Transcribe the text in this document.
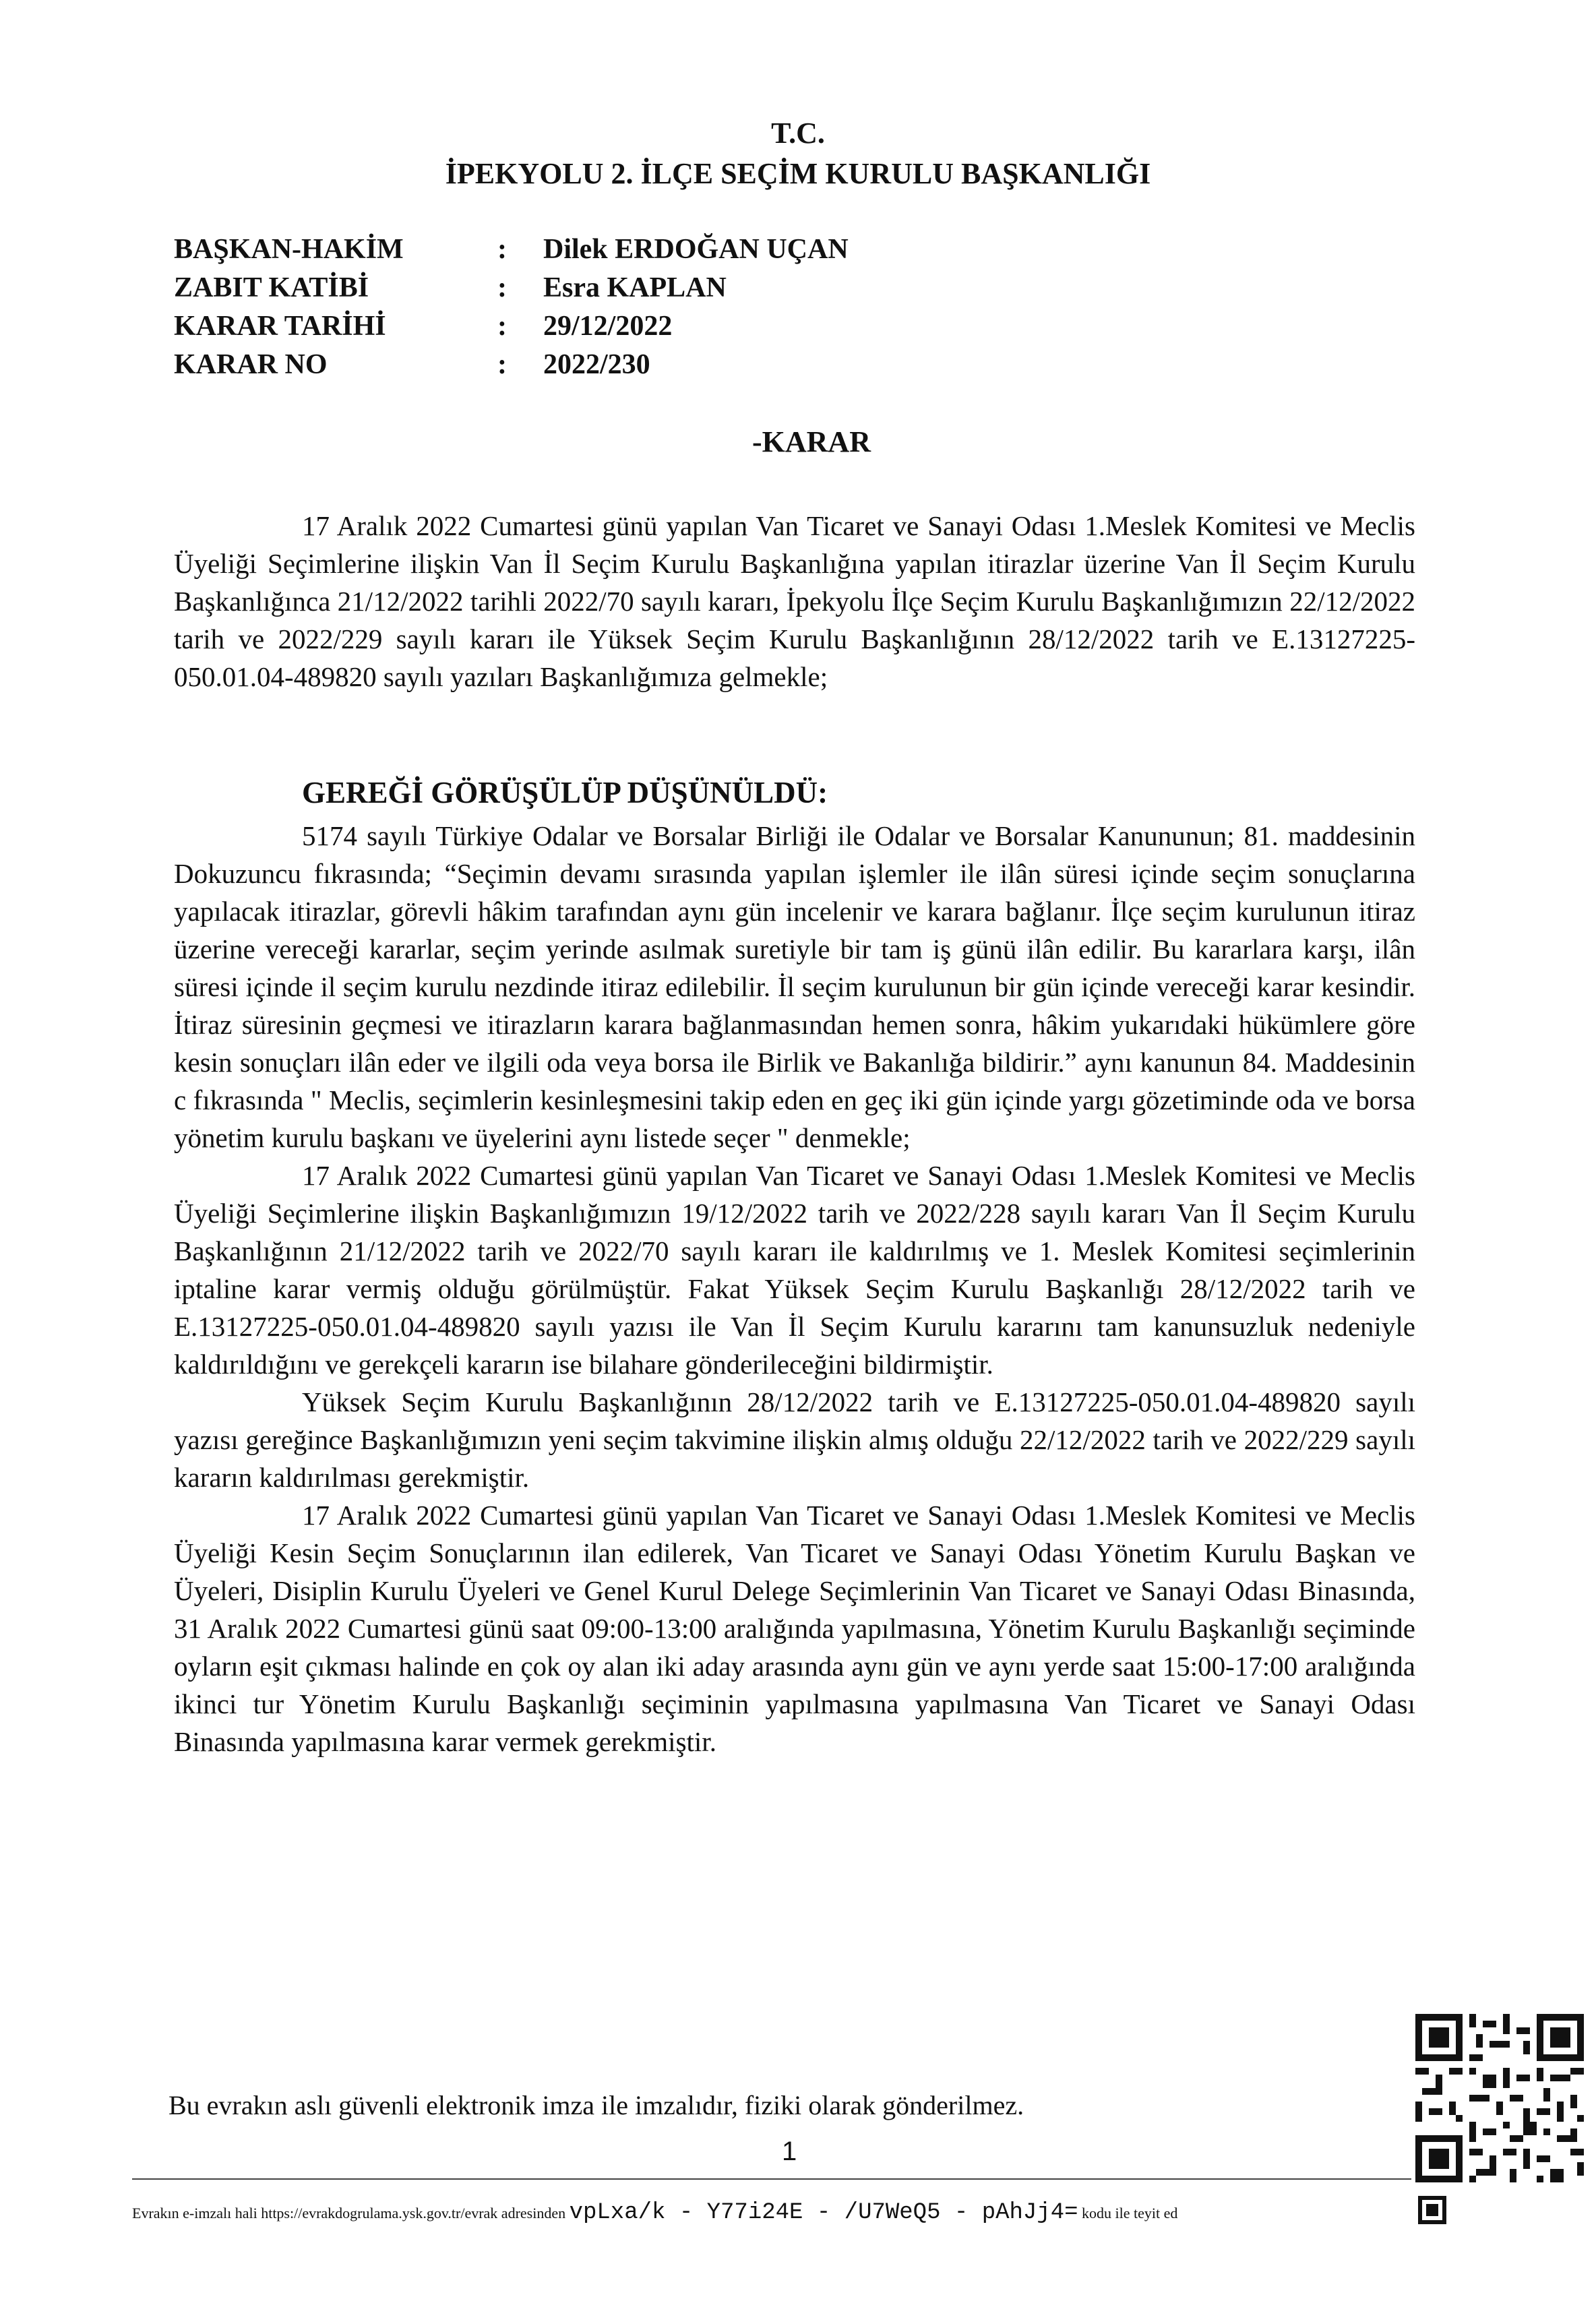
T.C.
İPEKYOLU 2. İLÇE SEÇİM KURULU BAŞKANLIĞI
BAŞKAN-HAKİM	:	Dilek ERDOĞAN UÇAN
ZABIT KATİBİ	:	Esra KAPLAN
KARAR TARİHİ	:	29/12/2022
KARAR NO	:	2022/230
-KARAR

17 Aralık 2022 Cumartesi günü yapılan Van Ticaret ve Sanayi Odası 1.Meslek Komitesi ve Meclis Üyeliği Seçimlerine ilişkin Van İl Seçim Kurulu Başkanlığına yapılan itirazlar üzerine Van İl Seçim Kurulu Başkanlığınca 21/12/2022 tarihli 2022/70 sayılı kararı, İpekyolu İlçe Seçim Kurulu Başkanlığımızın 22/12/2022 tarih ve 2022/229 sayılı kararı ile Yüksek Seçim Kurulu Başkanlığının 28/12/2022 tarih ve E.13127225-050.01.04-489820 sayılı yazıları Başkanlığımıza gelmekle;

GEREĞİ GÖRÜŞÜLÜP DÜŞÜNÜLDÜ:

5174 sayılı Türkiye Odalar ve Borsalar Birliği ile Odalar ve Borsalar Kanununun; 81. maddesinin Dokuzuncu fıkrasında; “Seçimin devamı sırasında yapılan işlemler ile ilân süresi içinde seçim sonuçlarına yapılacak itirazlar, görevli hâkim tarafından aynı gün incelenir ve karara bağlanır. İlçe seçim kurulunun itiraz üzerine vereceği kararlar, seçim yerinde asılmak suretiyle bir tam iş günü ilân edilir. Bu kararlara karşı, ilân süresi içinde il seçim kurulu nezdinde itiraz edilebilir. İl seçim kurulunun bir gün içinde vereceği karar kesindir. İtiraz süresinin geçmesi ve itirazların karara bağlanmasından hemen sonra, hâkim yukarıdaki hükümlere göre kesin sonuçları ilân eder ve ilgili oda veya borsa ile Birlik ve Bakanlığa bildirir.” aynı kanunun 84. Maddesinin c fıkrasında " Meclis, seçimlerin kesinleşmesini takip eden en geç iki gün içinde yargı gözetiminde oda ve borsa yönetim kurulu başkanı ve üyelerini aynı listede seçer " denmekle;

17 Aralık 2022 Cumartesi günü yapılan Van Ticaret ve Sanayi Odası 1.Meslek Komitesi ve Meclis Üyeliği Seçimlerine ilişkin Başkanlığımızın 19/12/2022 tarih ve 2022/228 sayılı kararı Van İl Seçim Kurulu Başkanlığının 21/12/2022 tarih ve 2022/70 sayılı kararı ile kaldırılmış ve 1. Meslek Komitesi seçimlerinin iptaline karar vermiş olduğu görülmüştür. Fakat Yüksek Seçim Kurulu Başkanlığı 28/12/2022 tarih ve E.13127225-050.01.04-489820 sayılı yazısı ile Van İl Seçim Kurulu kararını tam kanunsuzluk nedeniyle kaldırıldığını ve gerekçeli kararın ise bilahare gönderileceğini bildirmiştir.

Yüksek Seçim Kurulu Başkanlığının 28/12/2022 tarih ve E.13127225-050.01.04-489820 sayılı yazısı gereğince Başkanlığımızın yeni seçim takvimine ilişkin almış olduğu 22/12/2022 tarih ve 2022/229 sayılı kararın kaldırılması gerekmiştir.

17 Aralık 2022 Cumartesi günü yapılan Van Ticaret ve Sanayi Odası 1.Meslek Komitesi ve Meclis Üyeliği Kesin Seçim Sonuçlarının ilan edilerek, Van Ticaret ve Sanayi Odası Yönetim Kurulu Başkan ve Üyeleri, Disiplin Kurulu Üyeleri ve Genel Kurul Delege Seçimlerinin Van Ticaret ve Sanayi Odası Binasında, 31 Aralık 2022 Cumartesi günü saat 09:00-13:00 aralığında yapılmasına, Yönetim Kurulu Başkanlığı seçiminde oyların eşit çıkması halinde en çok oy alan iki aday arasında aynı gün ve aynı yerde saat 15:00-17:00 aralığında ikinci tur Yönetim Kurulu Başkanlığı seçiminin yapılmasına yapılmasına Van Ticaret ve Sanayi Odası Binasında yapılmasına karar vermek gerekmiştir.

Bu evrakın aslı güvenli elektronik imza ile imzalıdır, fiziki olarak gönderilmez.
1
Evrakın e-imzalı hali https://evrakdogrulama.ysk.gov.tr/evrak adresinden vpLxa/k - Y77i24E - /U7WeQ5 - pAhJj4= kodu ile teyit ed
